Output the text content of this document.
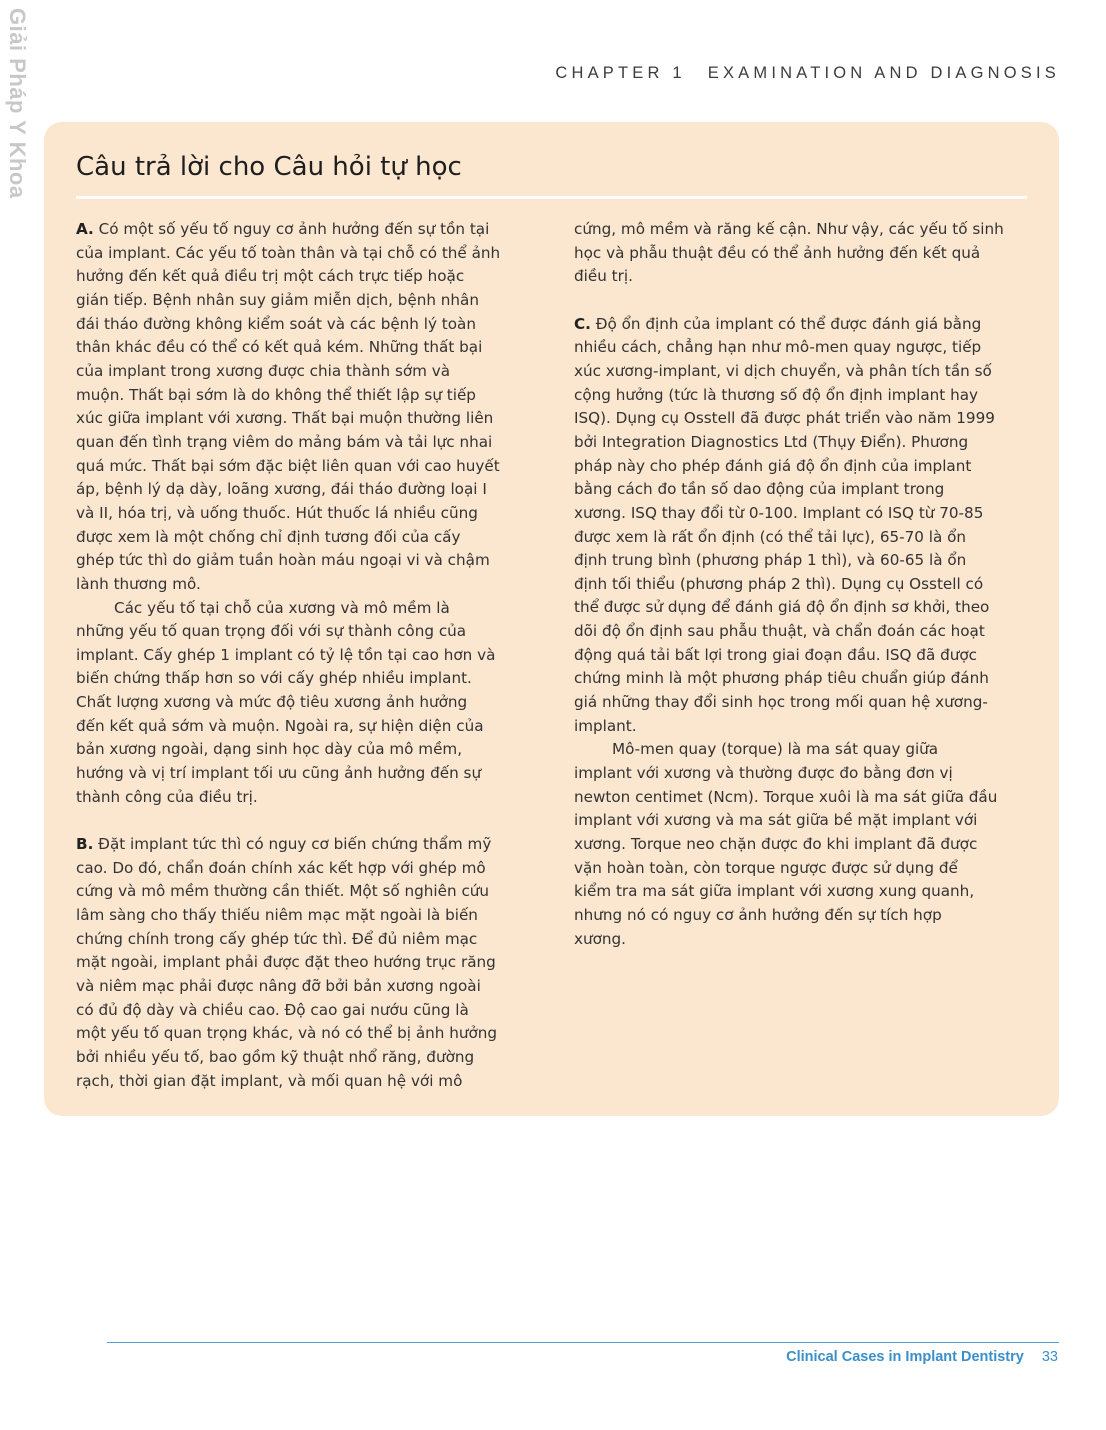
Giải Pháp Y Khoa	CHAPTER 1 EXAMINATION AND DIAGNOSIS
Câu trả lời cho Câu hỏi tự học

A. Có một số yếu tố nguy cơ ảnh hưởng đến sự tồn tại
của implant. Các yếu tố toàn thân và tại chỗ có thể ảnh
hưởng đến kết quả điều trị một cách trực tiếp hoặc
gián tiếp. Bệnh nhân suy giảm miễn dịch, bệnh nhân
đái tháo đường không kiểm soát và các bệnh lý toàn
thân khác đều có thể có kết quả kém. Những thất bại
của implant trong xương được chia thành sớm và
muộn. Thất bại sớm là do không thể thiết lập sự tiếp
xúc giữa implant với xương. Thất bại muộn thường liên
quan đến tình trạng viêm do mảng bám và tải lực nhai
quá mức. Thất bại sớm đặc biệt liên quan với cao huyết
áp, bệnh lý dạ dày, loãng xương, đái tháo đường loại I
và II, hóa trị, và uống thuốc. Hút thuốc lá nhiều cũng
được xem là một chống chỉ định tương đối của cấy
ghép tức thì do giảm tuần hoàn máu ngoại vi và chậm
lành thương mô.

Các yếu tố tại chỗ của xương và mô mềm là
những yếu tố quan trọng đối với sự thành công của
implant. Cấy ghép 1 implant có tỷ lệ tồn tại cao hơn và
biến chứng thấp hơn so với cấy ghép nhiều implant.
Chất lượng xương và mức độ tiêu xương ảnh hưởng
đến kết quả sớm và muộn. Ngoài ra, sự hiện diện của
bản xương ngoài, dạng sinh học dày của mô mềm,
hướng và vị trí implant tối ưu cũng ảnh hưởng đến sự
thành công của điều trị.

B. Đặt implant tức thì có nguy cơ biến chứng thẩm mỹ
cao. Do đó, chẩn đoán chính xác kết hợp với ghép mô
cứng và mô mềm thường cần thiết. Một số nghiên cứu
lâm sàng cho thấy thiếu niêm mạc mặt ngoài là biến
chứng chính trong cấy ghép tức thì. Để đủ niêm mạc
mặt ngoài, implant phải được đặt theo hướng trục răng
và niêm mạc phải được nâng đỡ bởi bản xương ngoài
có đủ độ dày và chiều cao. Độ cao gai nướu cũng là
một yếu tố quan trọng khác, và nó có thể bị ảnh hưởng
bởi nhiều yếu tố, bao gồm kỹ thuật nhổ răng, đường
rạch, thời gian đặt implant, và mối quan hệ với mô

cứng, mô mềm và răng kế cận. Như vậy, các yếu tố sinh
học và phẫu thuật đều có thể ảnh hưởng đến kết quả
điều trị.

C. Độ ổn định của implant có thể được đánh giá bằng
nhiều cách, chẳng hạn như mô-men quay ngược, tiếp
xúc xương-implant, vi dịch chuyển, và phân tích tần số
cộng hưởng (tức là thương số độ ổn định implant hay
ISQ). Dụng cụ Osstell đã được phát triển vào năm 1999
bởi Integration Diagnostics Ltd (Thụy Điển). Phương
pháp này cho phép đánh giá độ ổn định của implant
bằng cách đo tần số dao động của implant trong
xương. ISQ thay đổi từ 0-100. Implant có ISQ từ 70-85
được xem là rất ổn định (có thể tải lực), 65-70 là ổn
định trung bình (phương pháp 1 thì), và 60-65 là ổn
định tối thiểu (phương pháp 2 thì). Dụng cụ Osstell có
thể được sử dụng để đánh giá độ ổn định sơ khởi, theo
dõi độ ổn định sau phẫu thuật, và chẩn đoán các hoạt
động quá tải bất lợi trong giai đoạn đầu. ISQ đã được
chứng minh là một phương pháp tiêu chuẩn giúp đánh
giá những thay đổi sinh học trong mối quan hệ xương-
implant.

Mô-men quay (torque) là ma sát quay giữa
implant với xương và thường được đo bằng đơn vị
newton centimet (Ncm). Torque xuôi là ma sát giữa đầu
implant với xương và ma sát giữa bề mặt implant với
xương. Torque neo chặn được đo khi implant đã được
vặn hoàn toàn, còn torque ngược được sử dụng để
kiểm tra ma sát giữa implant với xương xung quanh,
nhưng nó có nguy cơ ảnh hưởng đến sự tích hợp
xương.

Clinical Cases in Implant Dentistry 33
